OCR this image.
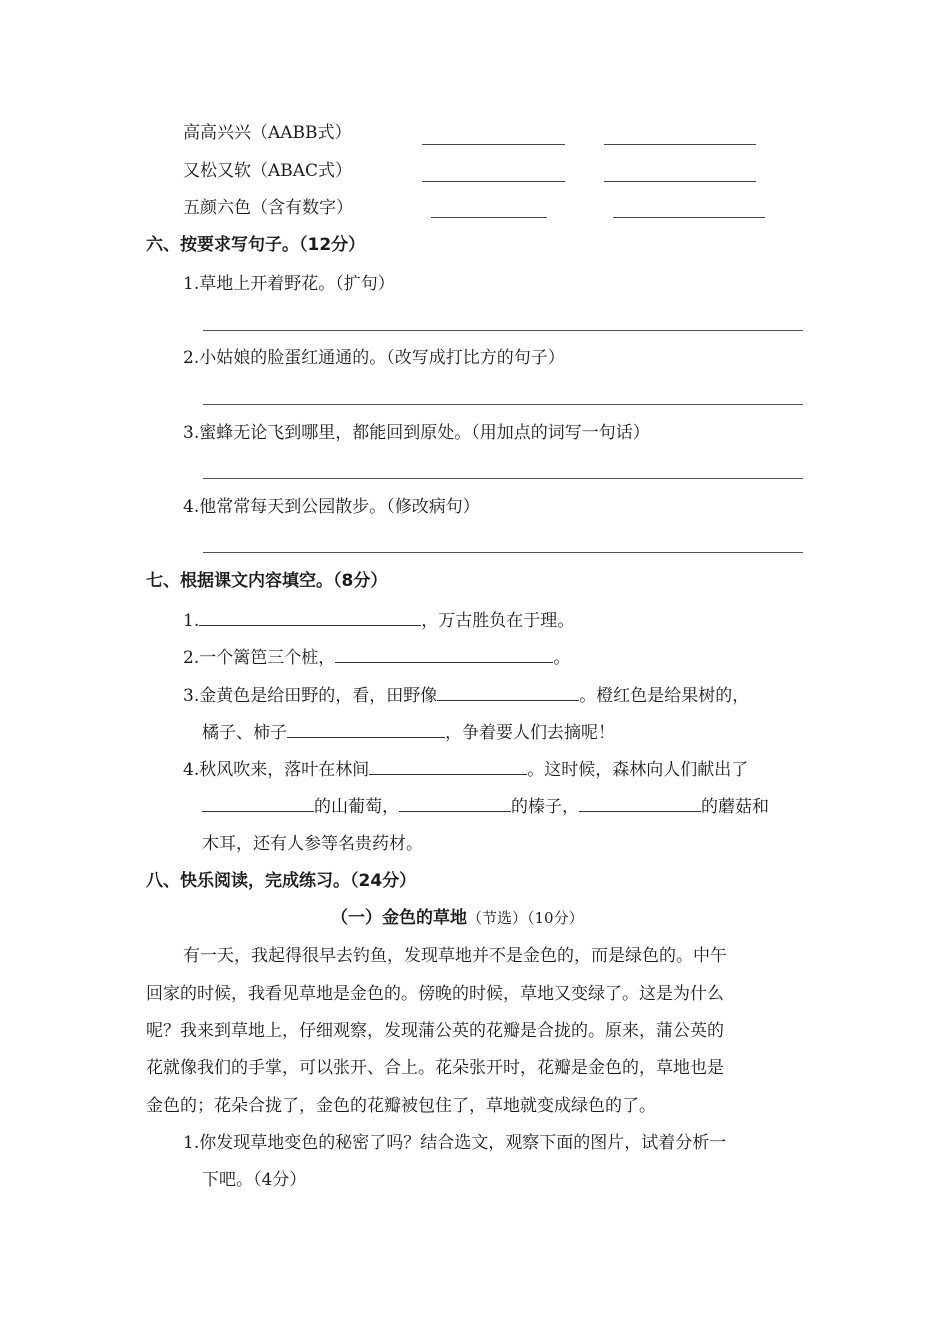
高高兴兴（AABB式）
又松又软（ABAC式）
五颜六色（含有数字）
六、按要求写句子。（12分）
1.草地上开着野花。（扩句）
2.小姑娘的脸蛋红通通的。（改写成打比方的句子）
3.蜜蜂无论飞到哪里，都能回到原处。（用加点的词写一句话）
4.他常常每天到公园散步。（修改病句）
七、根据课文内容填空。（8分）
1.	，万古胜负在于理。
2.一个篱笆三个桩，	。
3.金黄色是给田野的，看，田野像	。橙红色是给果树的，
橘子、柿子	，争着要人们去摘呢！
4.秋风吹来，落叶在林间	。这时候，森林向人们献出了
的山葡萄，	的榛子，	的蘑菇和
木耳，还有人参等名贵药材。
八、快乐阅读，完成练习。（24分）
（一）金色的草地（节选）（10分）
有一天，我起得很早去钓鱼，发现草地并不是金色的，而是绿色的。中午
回家的时候，我看见草地是金色的。傍晚的时候，草地又变绿了。这是为什么
呢？我来到草地上，仔细观察，发现蒲公英的花瓣是合拢的。原来，蒲公英的
花就像我们的手掌，可以张开、合上。花朵张开时，花瓣是金色的，草地也是
金色的；花朵合拢了，金色的花瓣被包住了，草地就变成绿色的了。
1.你发现草地变色的秘密了吗？结合选文，观察下面的图片，试着分析一
下吧。（4分）
